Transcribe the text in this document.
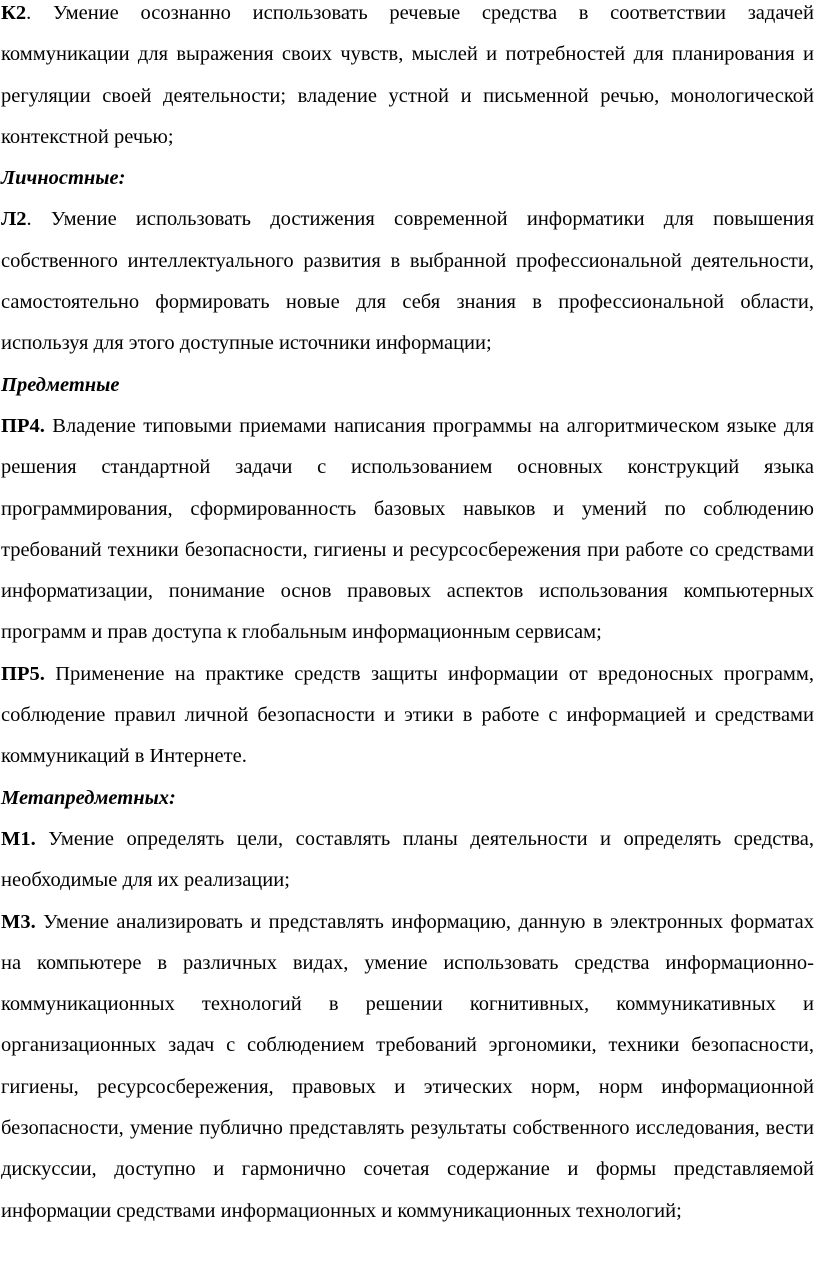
К2. Умение осознанно использовать речевые средства в соответствии задачей коммуникации для выражения своих чувств, мыслей и потребностей для планирования и регуляции своей деятельности; владение устной и письменной речью, монологической контекстной речью;

Личностные:

Л2. Умение использовать достижения современной информатики для повышения собственного интеллектуального развития в выбранной профессиональной деятельности, самостоятельно формировать новые для себя знания в профессиональной области, используя для этого доступные источники информации;

Предметные

ПР4. Владение типовыми приемами написания программы на алгоритмическом языке для решения стандартной задачи с использованием основных конструкций языка программирования, сформированность базовых навыков и умений по соблюдению требований техники безопасности, гигиены и ресурсосбережения при работе со средствами информатизации, понимание основ правовых аспектов использования компьютерных программ и прав доступа к глобальным информационным сервисам;

ПР5. Применение на практике средств защиты информации от вредоносных программ, соблюдение правил личной безопасности и этики в работе с информацией и средствами коммуникаций в Интернете.

Метапредметных:

М1. Умение определять цели, составлять планы деятельности и определять средства, необходимые для их реализации;

М3. Умение анализировать и представлять информацию, данную в электронных форматах на компьютере в различных видах, умение использовать средства информационно-коммуникационных технологий в решении когнитивных, коммуникативных и организационных задач с соблюдением требований эргономики, техники безопасности, гигиены, ресурсосбережения, правовых и этических норм, норм информационной безопасности, умение публично представлять результаты собственного исследования, вести дискуссии, доступно и гармонично сочетая содержание и формы представляемой информации средствами информационных и коммуникационных технологий;
